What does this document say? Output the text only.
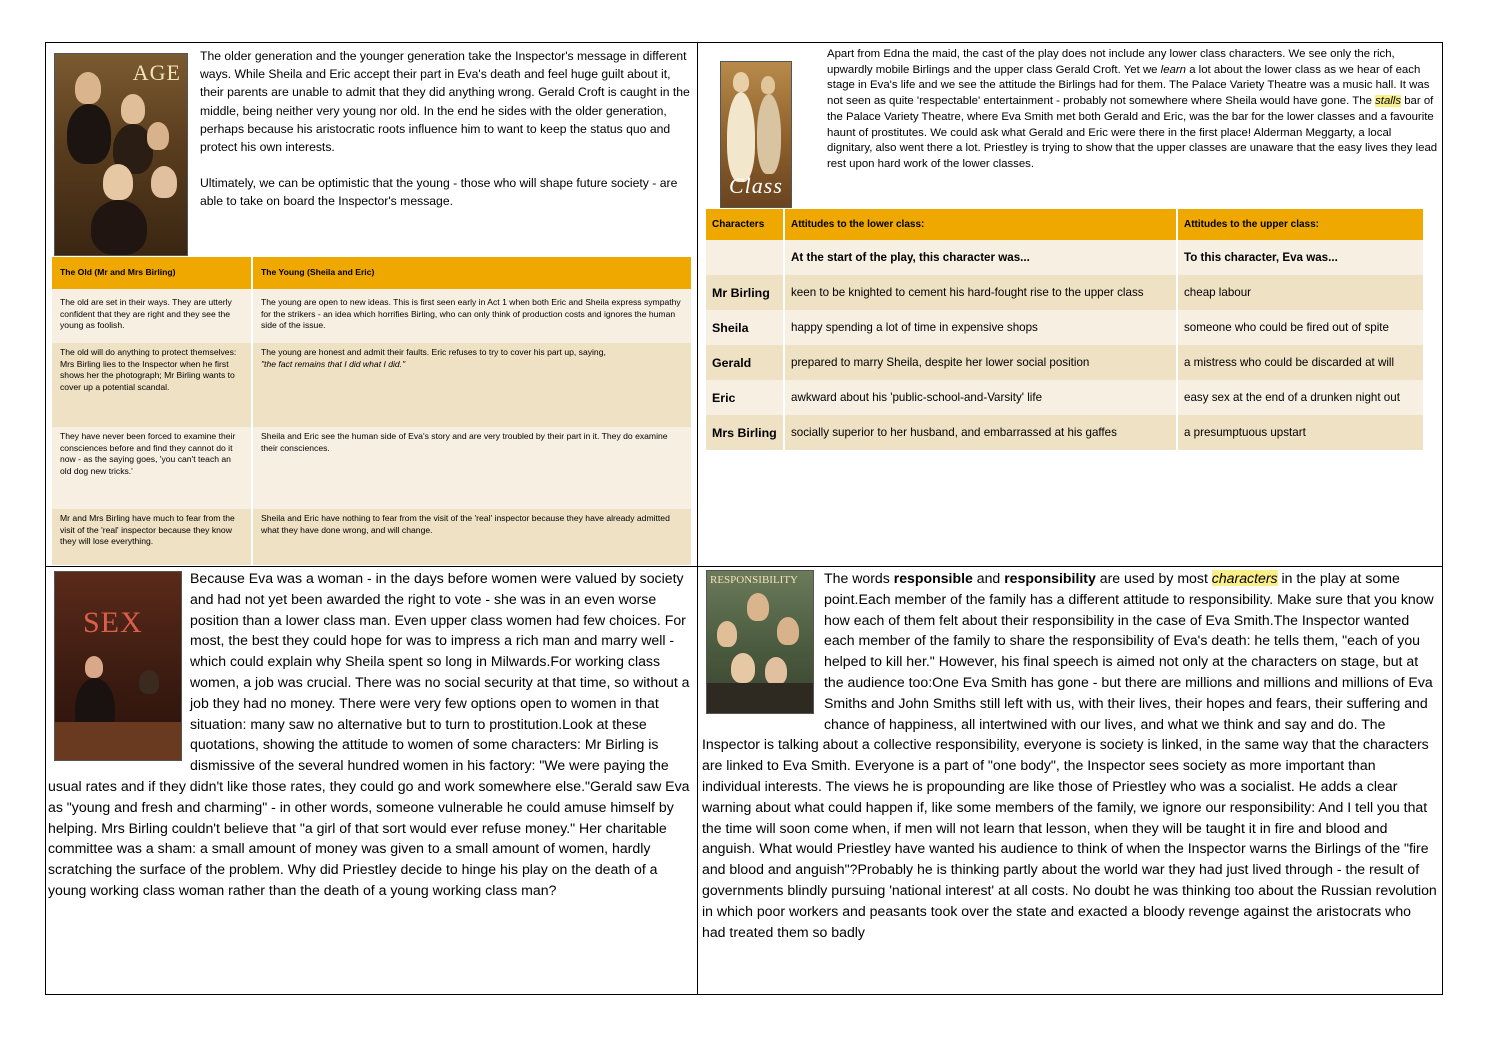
AGE

The older generation and the younger generation take the Inspector's message in different ways. While Sheila and Eric accept their part in Eva's death and feel huge guilt about it, their parents are unable to admit that they did anything wrong. Gerald Croft is caught in the middle, being neither very young nor old. In the end he sides with the older generation, perhaps because his aristocratic roots influence him to want to keep the status quo and protect his own interests.

Ultimately, we can be optimistic that the young - those who will shape future society - are able to take on board the Inspector's message.

The Old (Mr and Mrs Birling)	The Young (Sheila and Eric)
The old are set in their ways. They are utterly confident that they are right and they see the young as foolish.	The young are open to new ideas. This is first seen early in Act 1 when both Eric and Sheila express sympathy for the strikers - an idea which horrifies Birling, who can only think of production costs and ignores the human side of the issue.
The old will do anything to protect themselves: Mrs Birling lies to the Inspector when he first shows her the photograph; Mr Birling wants to cover up a potential scandal.	The young are honest and admit their faults. Eric refuses to try to cover his part up, saying,
"the fact remains that I did what I did."
They have never been forced to examine their consciences before and find they cannot do it now - as the saying goes, 'you can't teach an old dog new tricks.'	Sheila and Eric see the human side of Eva's story and are very troubled by their part in it. They do examine their consciences.
Mr and Mrs Birling have much to fear from the visit of the 'real' inspector because they know they will lose everything.	Sheila and Eric have nothing to fear from the visit of the 'real' inspector because they have already admitted what they have done wrong, and will change.
Class

Apart from Edna the maid, the cast of the play does not include any lower class characters. We see only the rich, upwardly mobile Birlings and the upper class Gerald Croft. Yet we learn a lot about the lower class as we hear of each stage in Eva's life and we see the attitude the Birlings had for them. The Palace Variety Theatre was a music hall. It was not seen as quite 'respectable' entertainment - probably not somewhere where Sheila would have gone. The stalls bar of the Palace Variety Theatre, where Eva Smith met both Gerald and Eric, was the bar for the lower classes and a favourite haunt of prostitutes. We could ask what Gerald and Eric were there in the first place! Alderman Meggarty, a local dignitary, also went there a lot. Priestley is trying to show that the upper classes are unaware that the easy lives they lead rest upon hard work of the lower classes.

Characters	Attitudes to the lower class:	Attitudes to the upper class:
	At the start of the play, this character was...	To this character, Eva was...
Mr Birling	keen to be knighted to cement his hard-fought rise to the upper class	cheap labour
Sheila	happy spending a lot of time in expensive shops	someone who could be fired out of spite
Gerald	prepared to marry Sheila, despite her lower social position	a mistress who could be discarded at will
Eric	awkward about his 'public-school-and-Varsity' life	easy sex at the end of a drunken night out
Mrs Birling	socially superior to her husband, and embarrassed at his gaffes	a presumptuous upstart
SEX

Because Eva was a woman - in the days before women were valued by society and had not yet been awarded the right to vote - she was in an even worse position than a lower class man. Even upper class women had few choices. For most, the best they could hope for was to impress a rich man and marry well - which could explain why Sheila spent so long in Milwards.For working class women, a job was crucial. There was no social security at that time, so without a job they had no money. There were very few options open to women in that situation: many saw no alternative but to turn to prostitution.Look at these quotations, showing the attitude to women of some characters: Mr Birling is dismissive of the several hundred women in his factory: "We were paying the usual rates and if they didn't like those rates, they could go and work somewhere else."Gerald saw Eva as "young and fresh and charming" - in other words, someone vulnerable he could amuse himself by helping. Mrs Birling couldn't believe that "a girl of that sort would ever refuse money." Her charitable committee was a sham: a small amount of money was given to a small amount of women, hardly scratching the surface of the problem. Why did Priestley decide to hinge his play on the death of a young working class woman rather than the death of a young working class man?

RESPONSIBILITY	The words responsible and responsibility are used by most characters in the play at some point.Each member of the family has a different attitude to responsibility. Make sure that you know how each of them felt about their responsibility in the case of Eva Smith.The Inspector wanted each member of the family to share the responsibility of Eva's death: he tells them, "each of you helped to kill her." However, his final speech is aimed not only at the characters on stage, but at the audience too:One Eva Smith has gone - but there are millions and millions and millions of Eva Smiths and John Smiths still left with us, with their lives, their hopes and fears, their suffering and chance of happiness, all intertwined with our lives, and what we think and say and do. The Inspector is talking about a collective responsibility, everyone is society is linked, in the same way that the characters are linked to Eva Smith. Everyone is a part of "one body", the Inspector sees society as more important than individual interests. The views he is propounding are like those of Priestley who was a socialist. He adds a clear warning about what could happen if, like some members of the family, we ignore our responsibility: And I tell you that the time will soon come when, if men will not learn that lesson, when they will be taught it in fire and blood and anguish. What would Priestley have wanted his audience to think of when the Inspector warns the Birlings of the "fire and blood and anguish"?Probably he is thinking partly about the world war they had just lived through - the result of governments blindly pursuing 'national interest' at all costs. No doubt he was thinking too about the Russian revolution in which poor workers and peasants took over the state and exacted a bloody revenge against the aristocrats who had treated them so badly
